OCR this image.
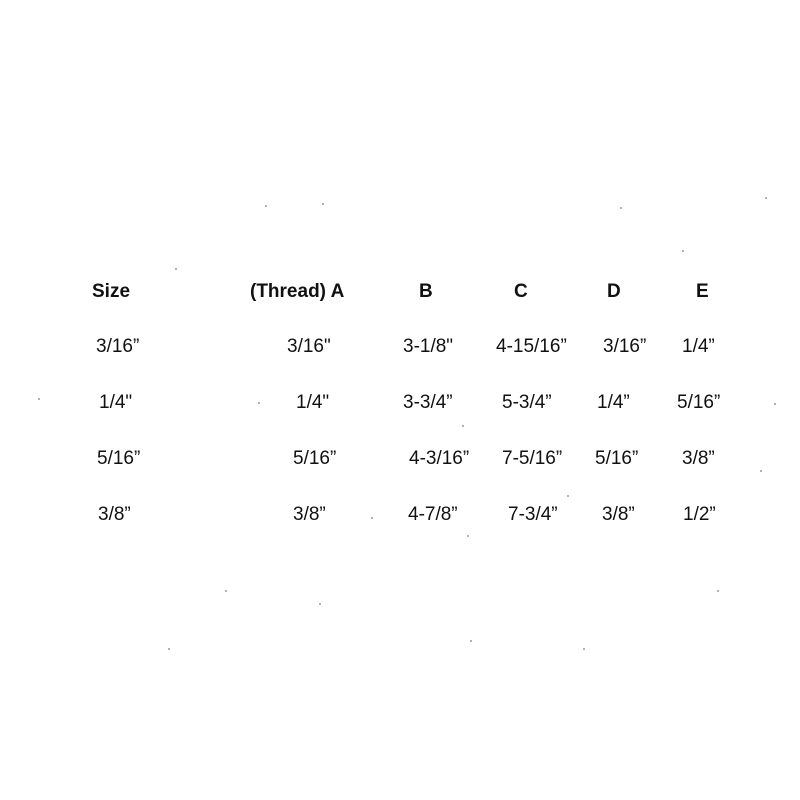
Size	(Thread) A	B	C	D	E
3/16”	3/16"	3-1/8" 4-15/16” 3/16” 1/4”
1/4"	1/4"	3-3/4”	5-3/4” 1/4” 5/16”
5/16”	5/16”	4-3/16” 7-5/16” 5/16” 3/8”
3/8”	3/8”	4-7/8”	7-3/4” 3/8”	1/2”
